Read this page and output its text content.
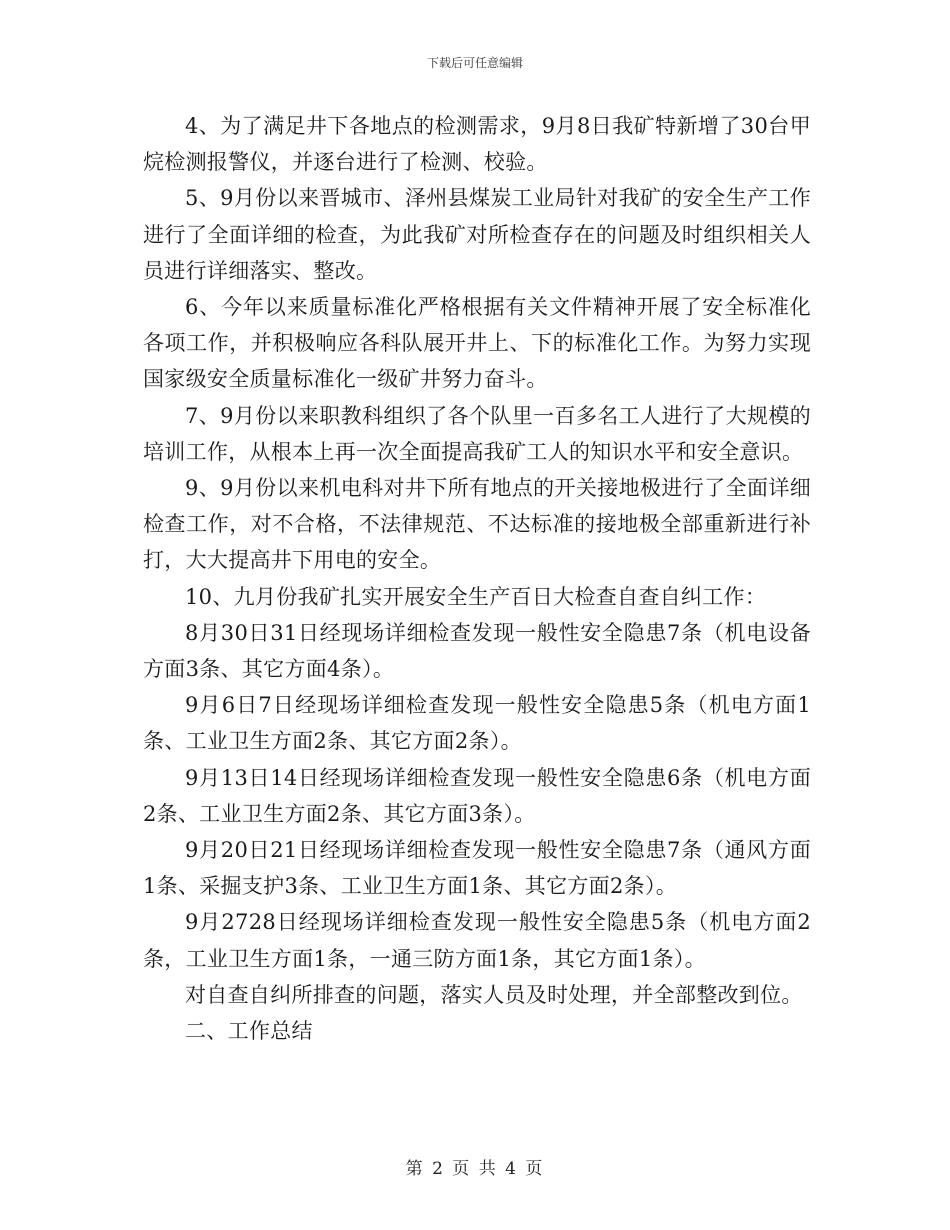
下载后可任意编辑

4、为了满足井下各地点的检测需求，9月8日我矿特新增了30台甲烷检测报警仪，并逐台进行了检测、校验。

5、9月份以来晋城市、泽州县煤炭工业局针对我矿的安全生产工作进行了全面详细的检查，为此我矿对所检查存在的问题及时组织相关人员进行详细落实、整改。

6、今年以来质量标准化严格根据有关文件精神开展了安全标准化各项工作，并积极响应各科队展开井上、下的标准化工作。为努力实现国家级安全质量标准化一级矿井努力奋斗。

7、9月份以来职教科组织了各个队里一百多名工人进行了大规模的培训工作，从根本上再一次全面提高我矿工人的知识水平和安全意识。

9、9月份以来机电科对井下所有地点的开关接地极进行了全面详细检查工作，对不合格，不法律规范、不达标准的接地极全部重新进行补打，大大提高井下用电的安全。

10、九月份我矿扎实开展安全生产百日大检查自查自纠工作：

8月30日31日经现场详细检查发现一般性安全隐患7条（机电设备方面3条、其它方面4条）。

9月6日7日经现场详细检查发现一般性安全隐患5条（机电方面1条、工业卫生方面2条、其它方面2条）。

9月13日14日经现场详细检查发现一般性安全隐患6条（机电方面2条、工业卫生方面2条、其它方面3条）。

9月20日21日经现场详细检查发现一般性安全隐患7条（通风方面1条、采掘支护3条、工业卫生方面1条、其它方面2条）。

9月2728日经现场详细检查发现一般性安全隐患5条（机电方面2条，工业卫生方面1条，一通三防方面1条，其它方面1条）。

对自查自纠所排查的问题，落实人员及时处理，并全部整改到位。

二、工作总结

第 2 页 共 4 页
